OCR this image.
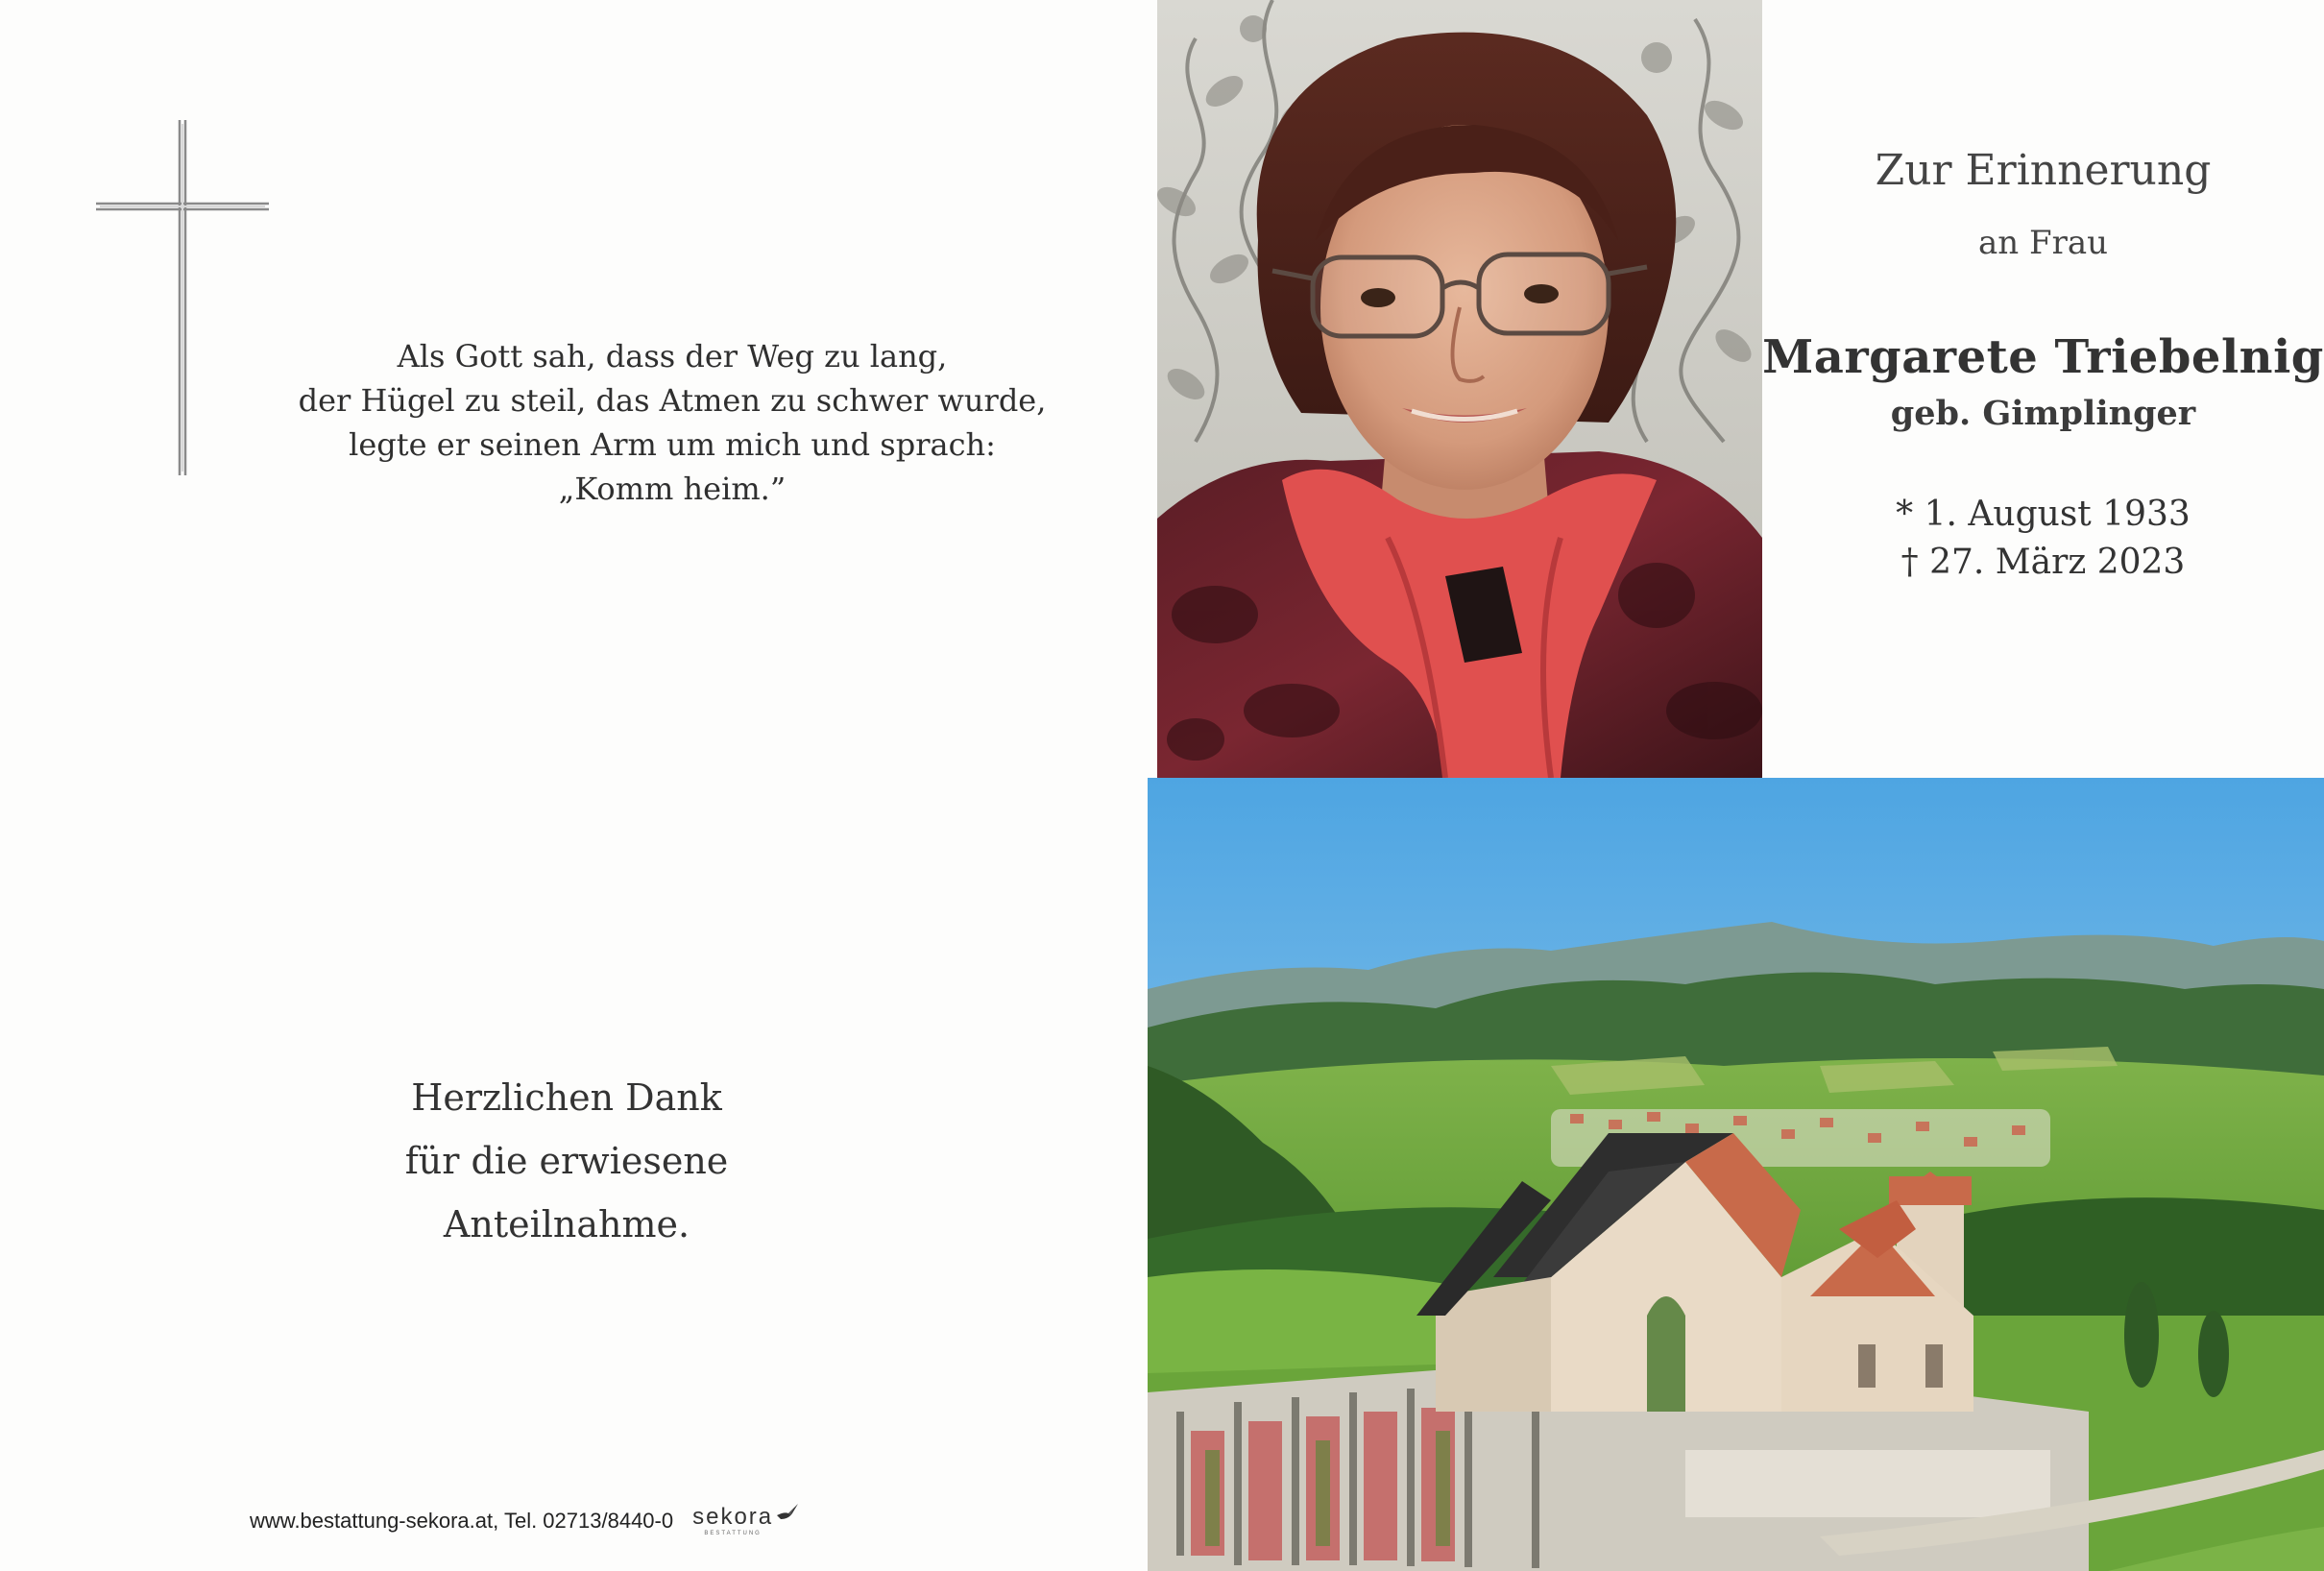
Als Gott sah, dass der Weg zu lang,
der Hügel zu steil, das Atmen zu schwer wurde,
legte er seinen Arm um mich und sprach:
„Komm heim.”
Zur Erinnerung
an Frau
Margarete Triebelnig
geb. Gimplinger
* 1. August 1933
† 27. März 2023
Herzlichen Dank
für die erwiesene
Anteilnahme.
www.bestattung-sekora.at, Tel. 02713/8440-0 sekora
BESTATTUNG
